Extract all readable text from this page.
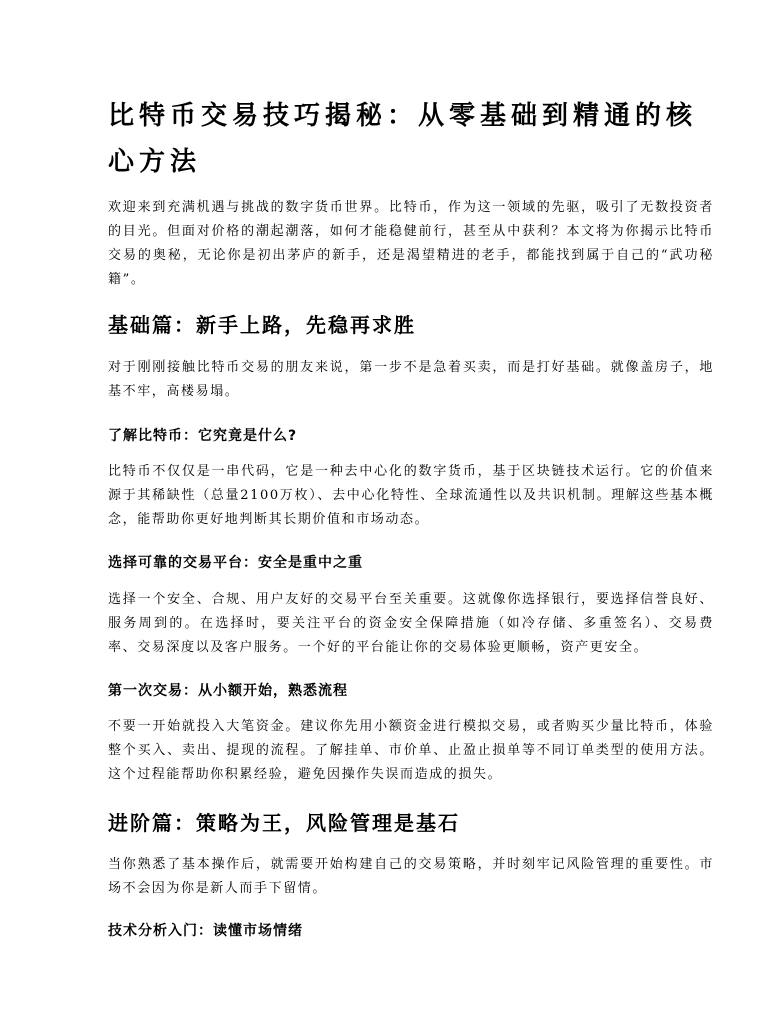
比特币交易技巧揭秘：从零基础到精通的核心方法

欢迎来到充满机遇与挑战的数字货币世界。比特币，作为这一领域的先驱，吸引了无数投资者的目光。但面对价格的潮起潮落，如何才能稳健前行，甚至从中获利？本文将为你揭示比特币交易的奥秘，无论你是初出茅庐的新手，还是渴望精进的老手，都能找到属于自己的“武功秘籍”。

基础篇：新手上路，先稳再求胜

对于刚刚接触比特币交易的朋友来说，第一步不是急着买卖，而是打好基础。就像盖房子，地基不牢，高楼易塌。

了解比特币：它究竟是什么?

比特币不仅仅是一串代码，它是一种去中心化的数字货币，基于区块链技术运行。它的价值来源于其稀缺性（总量2100万枚）、去中心化特性、全球流通性以及共识机制。理解这些基本概念，能帮助你更好地判断其长期价值和市场动态。

选择可靠的交易平台：安全是重中之重

选择一个安全、合规、用户友好的交易平台至关重要。这就像你选择银行，要选择信誉良好、服务周到的。在选择时，要关注平台的资金安全保障措施（如冷存储、多重签名）、交易费率、交易深度以及客户服务。一个好的平台能让你的交易体验更顺畅，资产更安全。

第一次交易：从小额开始，熟悉流程

不要一开始就投入大笔资金。建议你先用小额资金进行模拟交易，或者购买少量比特币，体验整个买入、卖出、提现的流程。了解挂单、市价单、止盈止损单等不同订单类型的使用方法。这个过程能帮助你积累经验，避免因操作失误而造成的损失。

进阶篇：策略为王，风险管理是基石

当你熟悉了基本操作后，就需要开始构建自己的交易策略，并时刻牢记风险管理的重要性。市场不会因为你是新人而手下留情。

技术分析入门：读懂市场情绪
